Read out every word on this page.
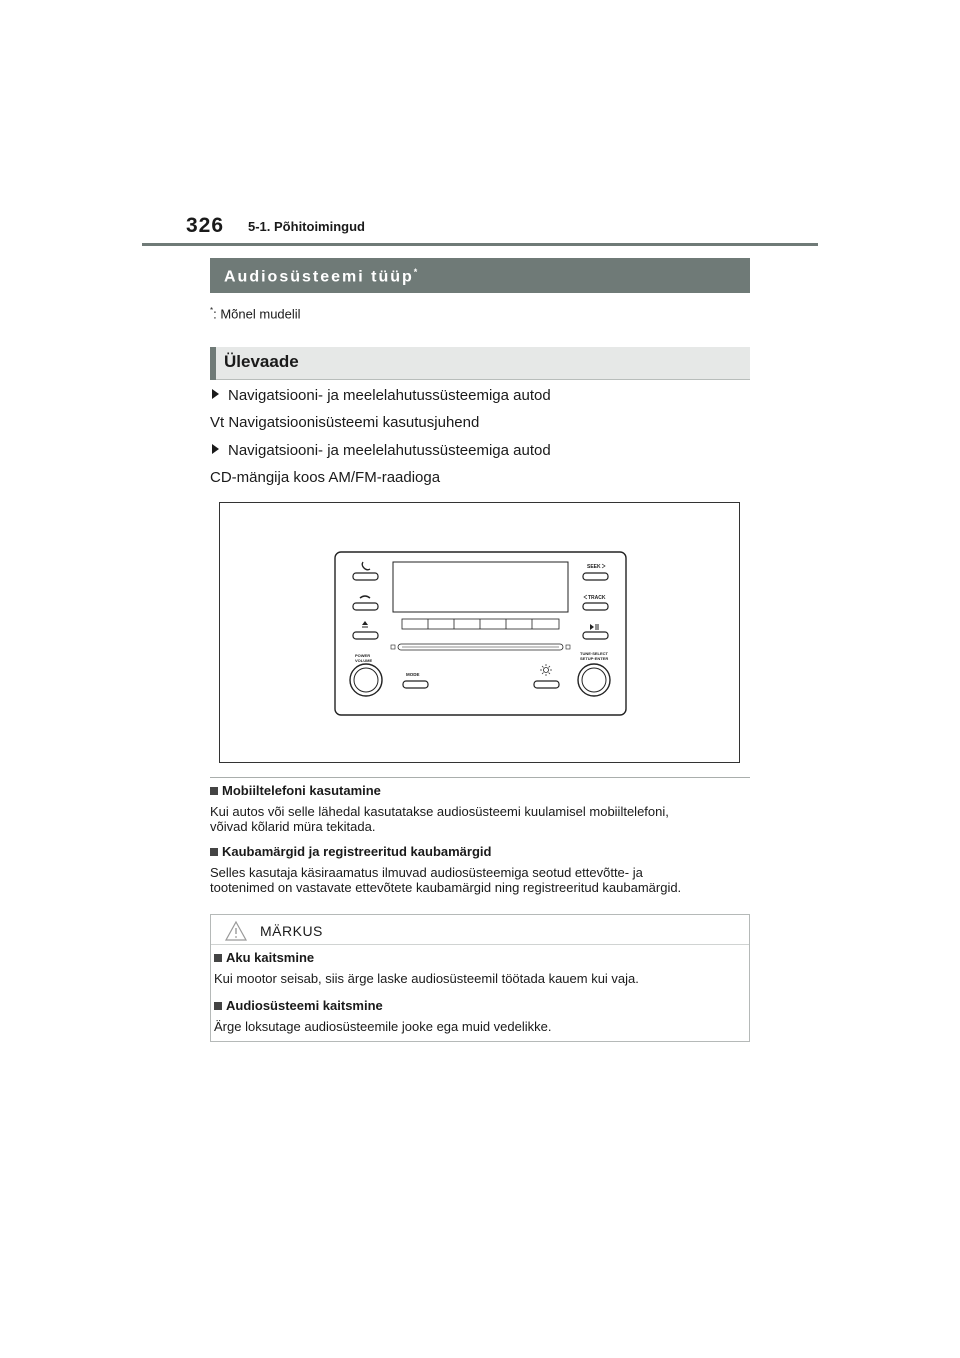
326 5-1. Põhitoimingud
Audiosüsteemi tüüp*
*: Mõnel mudelil
Ülevaade
Navigatsiooni- ja meelelahutussüsteemiga autod
Vt Navigatsioonisüsteemi kasutusjuhend
Navigatsiooni- ja meelelahutussüsteemiga autod
CD-mängija koos AM/FM-raadioga
SEEK
TRACK
POWER
VOLUME
MODE
TUNE·SELECT
SETUP·ENTER
Mobiiltelefoni kasutamine
Kui autos või selle lähedal kasutatakse audiosüsteemi kuulamisel mobiiltelefoni,
võivad kõlarid müra tekitada.
Kaubamärgid ja registreeritud kaubamärgid
Selles kasutaja käsiraamatus ilmuvad audiosüsteemiga seotud ettevõtte- ja
tootenimed on vastavate ettevõtete kaubamärgid ning registreeritud kaubamärgid.
MÄRKUS
Aku kaitsmine
Kui mootor seisab, siis ärge laske audiosüsteemil töötada kauem kui vaja.
Audiosüsteemi kaitsmine
Ärge loksutage audiosüsteemile jooke ega muid vedelikke.
